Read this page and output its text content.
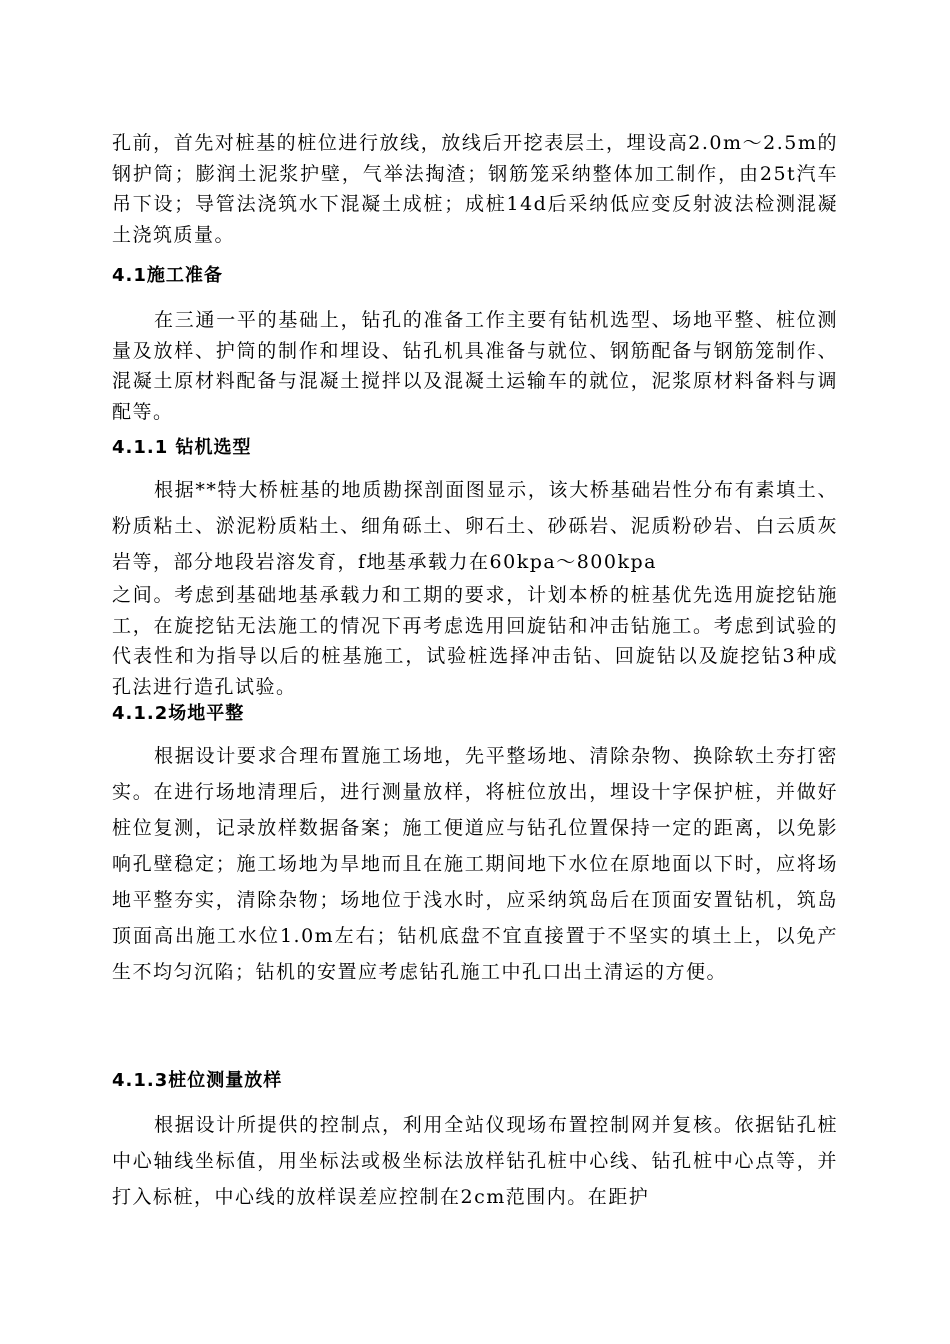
孔前，首先对桩基的桩位进行放线，放线后开挖表层土，埋设高2.0m～2.5m的钢护筒；膨润土泥浆护壁，气举法掏渣；钢筋笼采纳整体加工制作，由25t汽车吊下设；导管法浇筑水下混凝土成桩；成桩14d后采纳低应变反射波法检测混凝土浇筑质量。

4.1施工准备

在三通一平的基础上，钻孔的准备工作主要有钻机选型、场地平整、桩位测量及放样、护筒的制作和埋设、钻孔机具准备与就位、钢筋配备与钢筋笼制作、混凝土原材料配备与混凝土搅拌以及混凝土运输车的就位，泥浆原材料备料与调配等。

4.1.1 钻机选型

根据**特大桥桩基的地质勘探剖面图显示，该大桥基础岩性分布有素填土、粉质粘土、淤泥粉质粘土、细角砾土、卵石土、砂砾岩、泥质粉砂岩、白云质灰岩等，部分地段岩溶发育，f地基承载力在60kpa～800kpa

之间。考虑到基础地基承载力和工期的要求，计划本桥的桩基优先选用旋挖钻施工，在旋挖钻无法施工的情况下再考虑选用回旋钻和冲击钻施工。考虑到试验的代表性和为指导以后的桩基施工，试验桩选择冲击钻、回旋钻以及旋挖钻3种成孔法进行造孔试验。

4.1.2场地平整

根据设计要求合理布置施工场地，先平整场地、清除杂物、换除软土夯打密实。在进行场地清理后，进行测量放样，将桩位放出，埋设十字保护桩，并做好桩位复测，记录放样数据备案；施工便道应与钻孔位置保持一定的距离，以免影响孔壁稳定；施工场地为旱地而且在施工期间地下水位在原地面以下时，应将场地平整夯实，清除杂物；场地位于浅水时，应采纳筑岛后在顶面安置钻机，筑岛顶面高出施工水位1.0m左右；钻机底盘不宜直接置于不坚实的填土上，以免产生不均匀沉陷；钻机的安置应考虑钻孔施工中孔口出土清运的方便。

4.1.3桩位测量放样

根据设计所提供的控制点，利用全站仪现场布置控制网并复核。依据钻孔桩中心轴线坐标值，用坐标法或极坐标法放样钻孔桩中心线、钻孔桩中心点等，并打入标桩，中心线的放样误差应控制在2cm范围内。在距护
